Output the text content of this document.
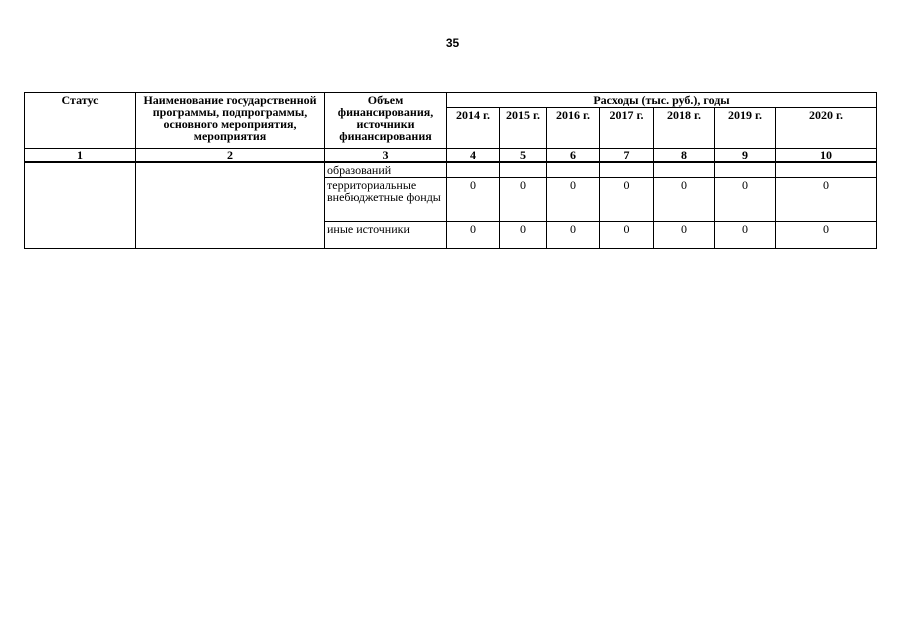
35
Статус	Наименование государственной программы, подпрограммы, основного мероприятия, мероприятия	Объем финансирования, источники финансирования	Расходы (тыс. руб.), годы						
			2014 г.	2015 г.	2016 г.	2017 г.	2018 г.	2019 г.	2020 г.
1	2	3	4	5	6	7	8	9	10
		образований							
		территориальные внебюджетные фонды	0	0	0	0	0	0	0
		иные источники	0	0	0	0	0	0	0
